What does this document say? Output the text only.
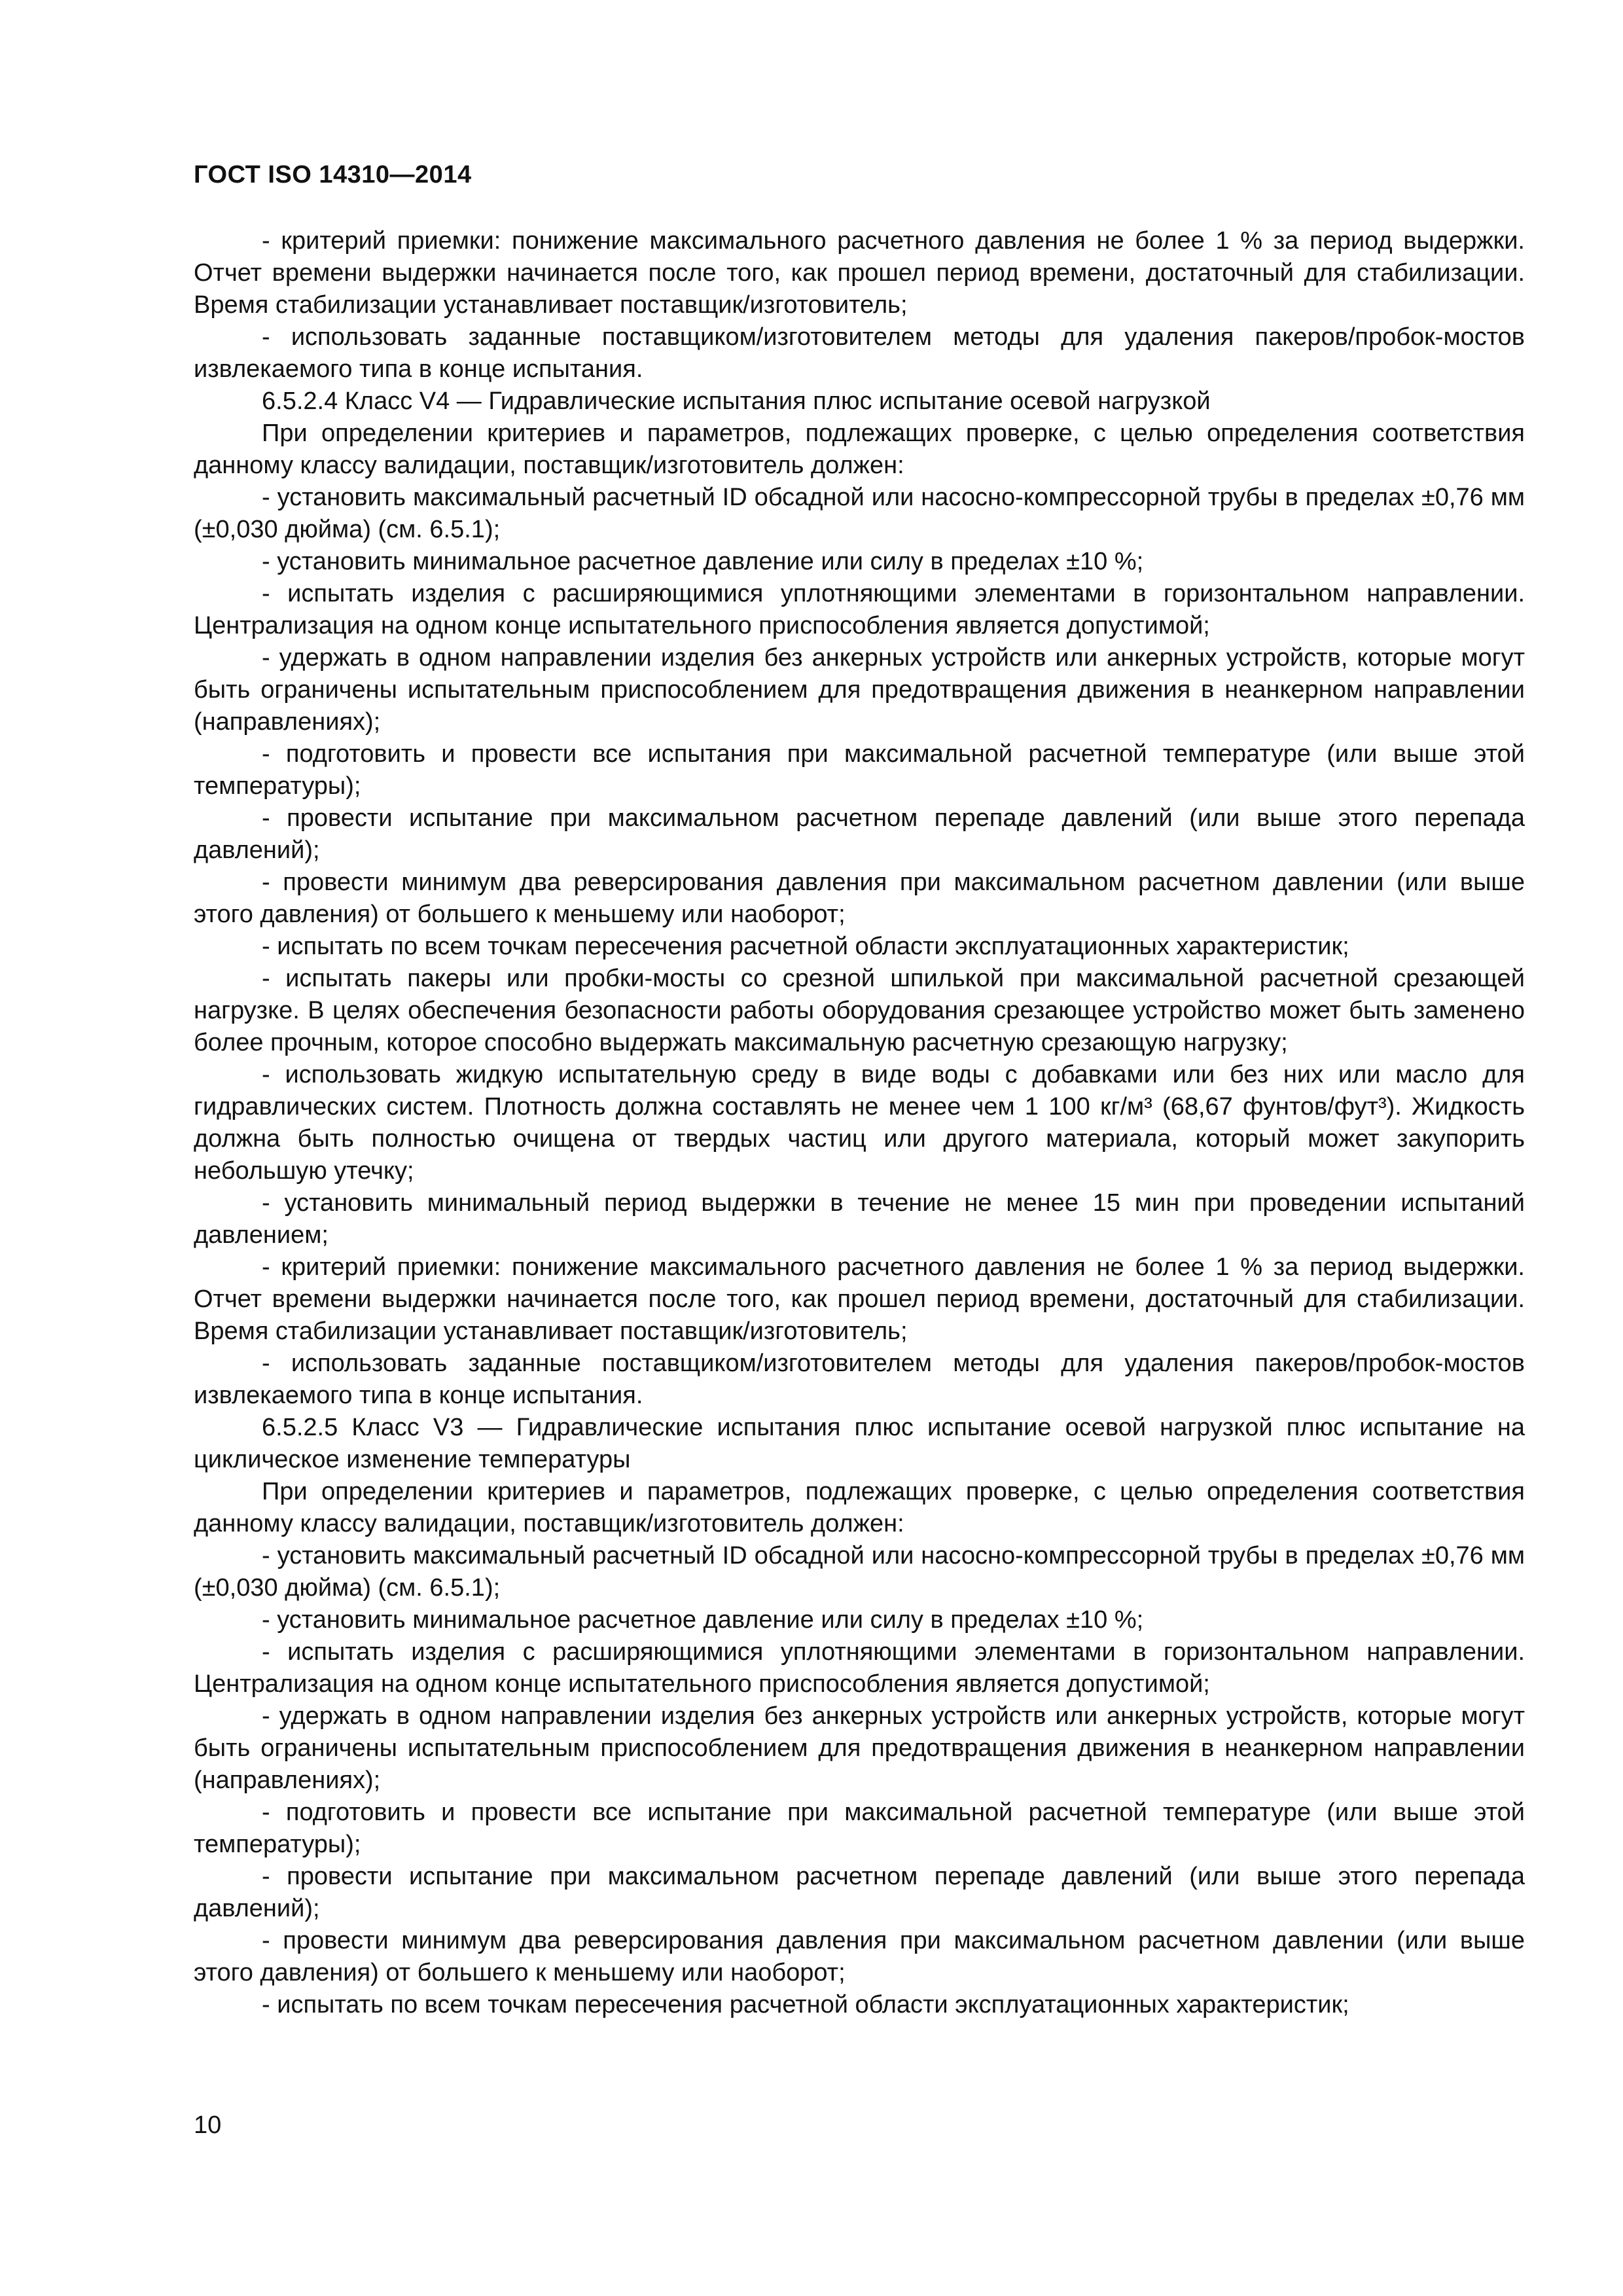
ГОСТ ISO 14310—2014

- критерий приемки: понижение максимального расчетного давления не более 1 % за период выдержки. Отчет времени выдержки начинается после того, как прошел период времени, достаточный для стабилизации. Время стабилизации устанавливает поставщик/изготовитель;

- использовать заданные поставщиком/изготовителем методы для удаления пакеров/пробок-мостов извлекаемого типа в конце испытания.

6.5.2.4 Класс V4 — Гидравлические испытания плюс испытание осевой нагрузкой

При определении критериев и параметров, подлежащих проверке, с целью определения соответствия данному классу валидации, поставщик/изготовитель должен:

- установить максимальный расчетный ID обсадной или насосно-компрессорной трубы в пределах ±0,76 мм (±0,030 дюйма) (см. 6.5.1);

- установить минимальное расчетное давление или силу в пределах ±10 %;

- испытать изделия с расширяющимися уплотняющими элементами в горизонтальном направлении. Централизация на одном конце испытательного приспособления является допустимой;

- удержать в одном направлении изделия без анкерных устройств или анкерных устройств, которые могут быть ограничены испытательным приспособлением для предотвращения движения в неанкерном направлении (направлениях);

- подготовить и провести все испытания при максимальной расчетной температуре (или выше этой температуры);

- провести испытание при максимальном расчетном перепаде давлений (или выше этого перепада давлений);

- провести минимум два реверсирования давления при максимальном расчетном давлении (или выше этого давления) от большего к меньшему или наоборот;

- испытать по всем точкам пересечения расчетной области эксплуатационных характеристик;

- испытать пакеры или пробки-мосты со срезной шпилькой при максимальной расчетной срезающей нагрузке. В целях обеспечения безопасности работы оборудования срезающее устройство может быть заменено более прочным, которое способно выдержать максимальную расчетную срезающую нагрузку;

- использовать жидкую испытательную среду в виде воды с добавками или без них или масло для гидравлических систем. Плотность должна составлять не менее чем 1 100 кг/м³ (68,67 фунтов/фут³). Жидкость должна быть полностью очищена от твердых частиц или другого материала, который может закупорить небольшую утечку;

- установить минимальный период выдержки в течение не менее 15 мин при проведении испытаний давлением;

- критерий приемки: понижение максимального расчетного давления не более 1 % за период выдержки. Отчет времени выдержки начинается после того, как прошел период времени, достаточный для стабилизации. Время стабилизации устанавливает поставщик/изготовитель;

- использовать заданные поставщиком/изготовителем методы для удаления пакеров/пробок-мостов извлекаемого типа в конце испытания.

6.5.2.5 Класс V3 — Гидравлические испытания плюс испытание осевой нагрузкой плюс испытание на циклическое изменение температуры

При определении критериев и параметров, подлежащих проверке, с целью определения соответствия данному классу валидации, поставщик/изготовитель должен:

- установить максимальный расчетный ID обсадной или насосно-компрессорной трубы в пределах ±0,76 мм (±0,030 дюйма) (см. 6.5.1);

- установить минимальное расчетное давление или силу в пределах ±10 %;

- испытать изделия с расширяющимися уплотняющими элементами в горизонтальном направлении. Централизация на одном конце испытательного приспособления является допустимой;

- удержать в одном направлении изделия без анкерных устройств или анкерных устройств, которые могут быть ограничены испытательным приспособлением для предотвращения движения в неанкерном направлении (направлениях);

- подготовить и провести все испытание при максимальной расчетной температуре (или выше этой температуры);

- провести испытание при максимальном расчетном перепаде давлений (или выше этого перепада давлений);

- провести минимум два реверсирования давления при максимальном расчетном давлении (или выше этого давления) от большего к меньшему или наоборот;

- испытать по всем точкам пересечения расчетной области эксплуатационных характеристик;

10
